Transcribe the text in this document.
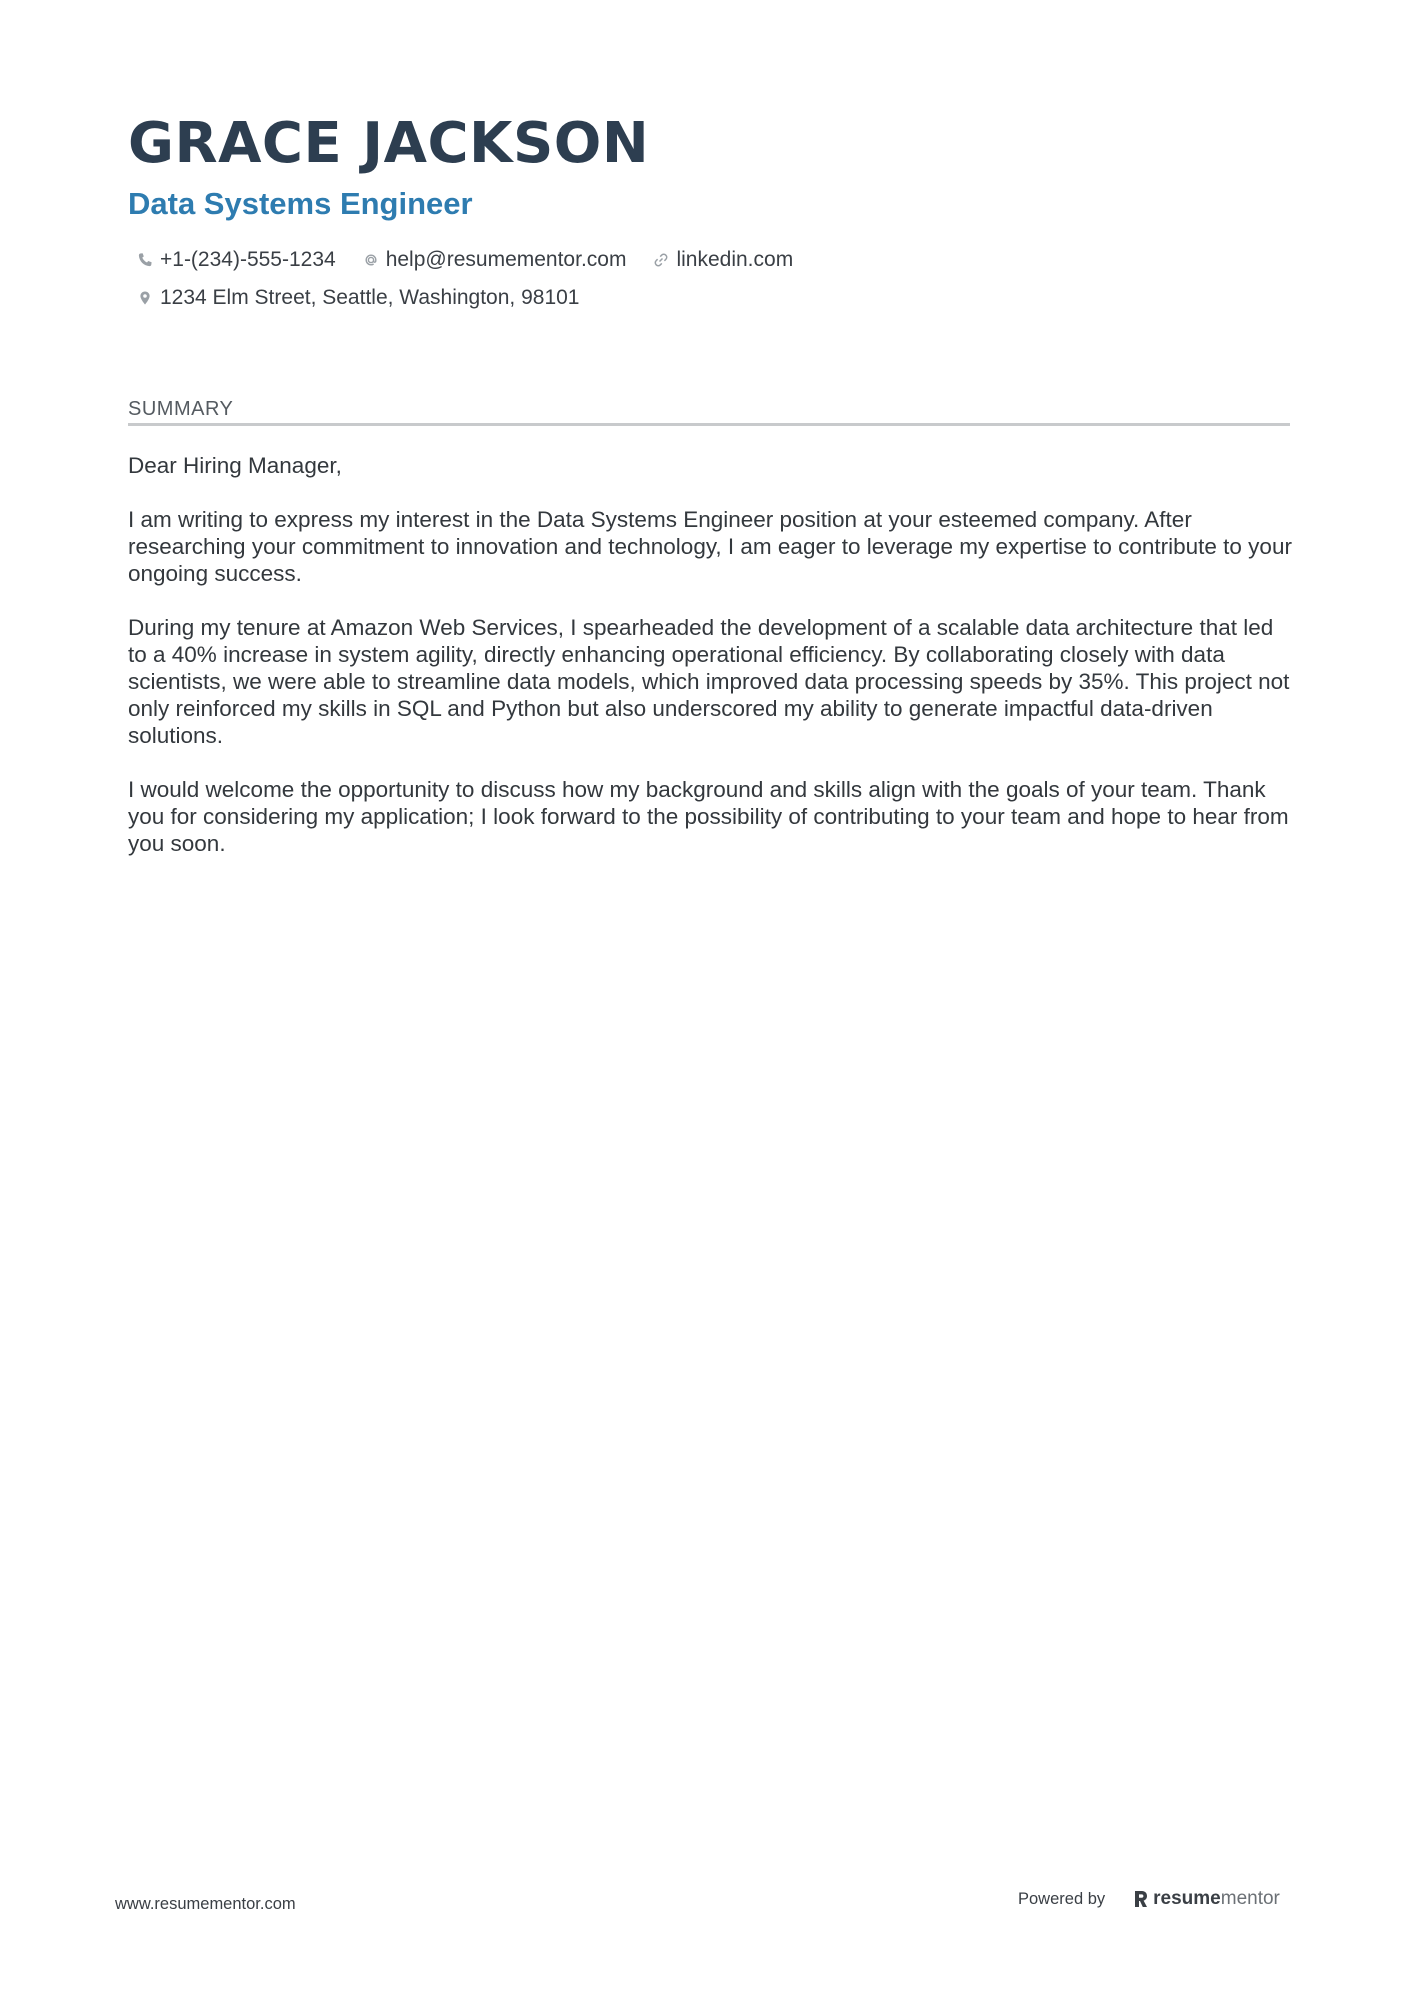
GRACE JACKSON
Data Systems Engineer
+1-(234)-555-1234 help@resumementor.com linkedin.com
1234 Elm Street, Seattle, Washington, 98101
SUMMARY

Dear Hiring Manager,

I am writing to express my interest in the Data Systems Engineer position at your esteemed company. After researching your commitment to innovation and technology, I am eager to leverage my expertise to contribute to your ongoing success.

During my tenure at Amazon Web Services, I spearheaded the development of a scalable data architecture that led to a 40% increase in system agility, directly enhancing operational efficiency. By collaborating closely with data scientists, we were able to streamline data models, which improved data processing speeds by 35%. This project not only reinforced my skills in SQL and Python but also underscored my ability to generate impactful data-driven solutions.

I would welcome the opportunity to discuss how my background and skills align with the goals of your team. Thank you for considering my application; I look forward to the possibility of contributing to your team and hope to hear from you soon.

www.resumementor.com	Powered by	resume mentor
